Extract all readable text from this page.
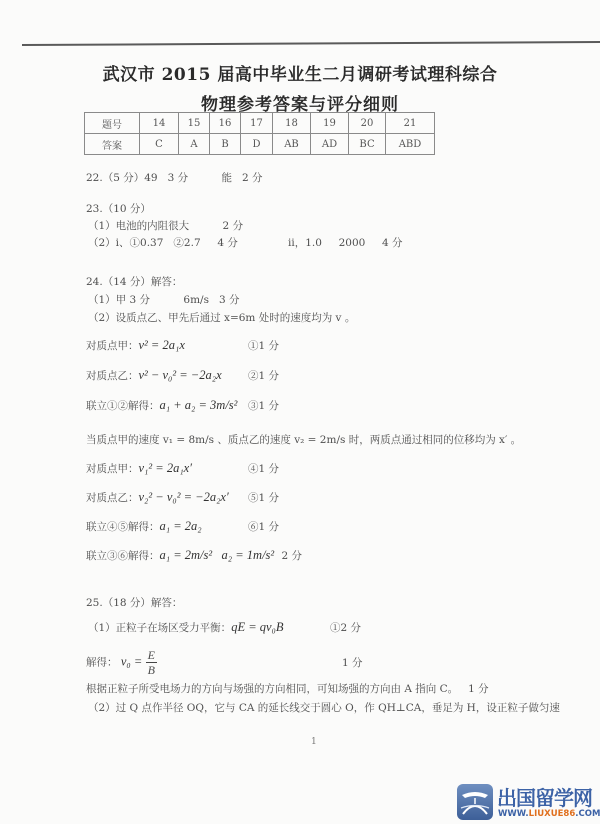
武汉市 2015 届高中毕业生二月调研考试理科综合
物理参考答案与评分细则
题号	14	15	16	17	18	19	20	21
答案	C	A	B	D	AB	AD	BC	ABD
22.（5 分）49   3 分          能   2 分
23.（10 分）
（1）电池的内阻很大          2 分
（2）ⅰ、①0.37   ②2.7     4 分	ⅱ，1.0     2000     4 分
24.（14 分）解答：
（1）甲 3 分          6m/s   3 分
（2）设质点乙、甲先后通过 x=6m 处时的速度均为 v 。
对质点甲：v² = 2a₁x	①1 分
对质点乙：v² − v₀² = −2a₂x	②1 分
联立①②解得：a₁ + a₂ = 3m/s² ③1 分
当质点甲的速度 v₁ = 8m/s 、质点乙的速度 v₂ = 2m/s 时，两质点通过相同的位移均为 x′ 。
对质点甲：v₁² = 2a₁x′	④1 分
对质点乙：v₂² − v₀² = −2a₂x′ ⑤1 分
联立④⑤解得：a₁ = 2a₂	⑥1 分
联立③⑥解得：a₁ = 2m/s²   a₂ = 1m/s² 2 分
25.（18 分）解答：
（1）正粒子在场区受力平衡：qE = qv₀B	①2 分
解得： $v_0 = \frac{E}{B}$	1 分
根据正粒子所受电场力的方向与场强的方向相同，可知场强的方向由 A 指向 C。   1 分
（2）过 Q 点作半径 OQ，它与 CA 的延长线交于圆心 O，作 QH⊥CA，垂足为 H，设正粒子做匀速
1
出国留学网
WWW.LIUXUE86.COM
